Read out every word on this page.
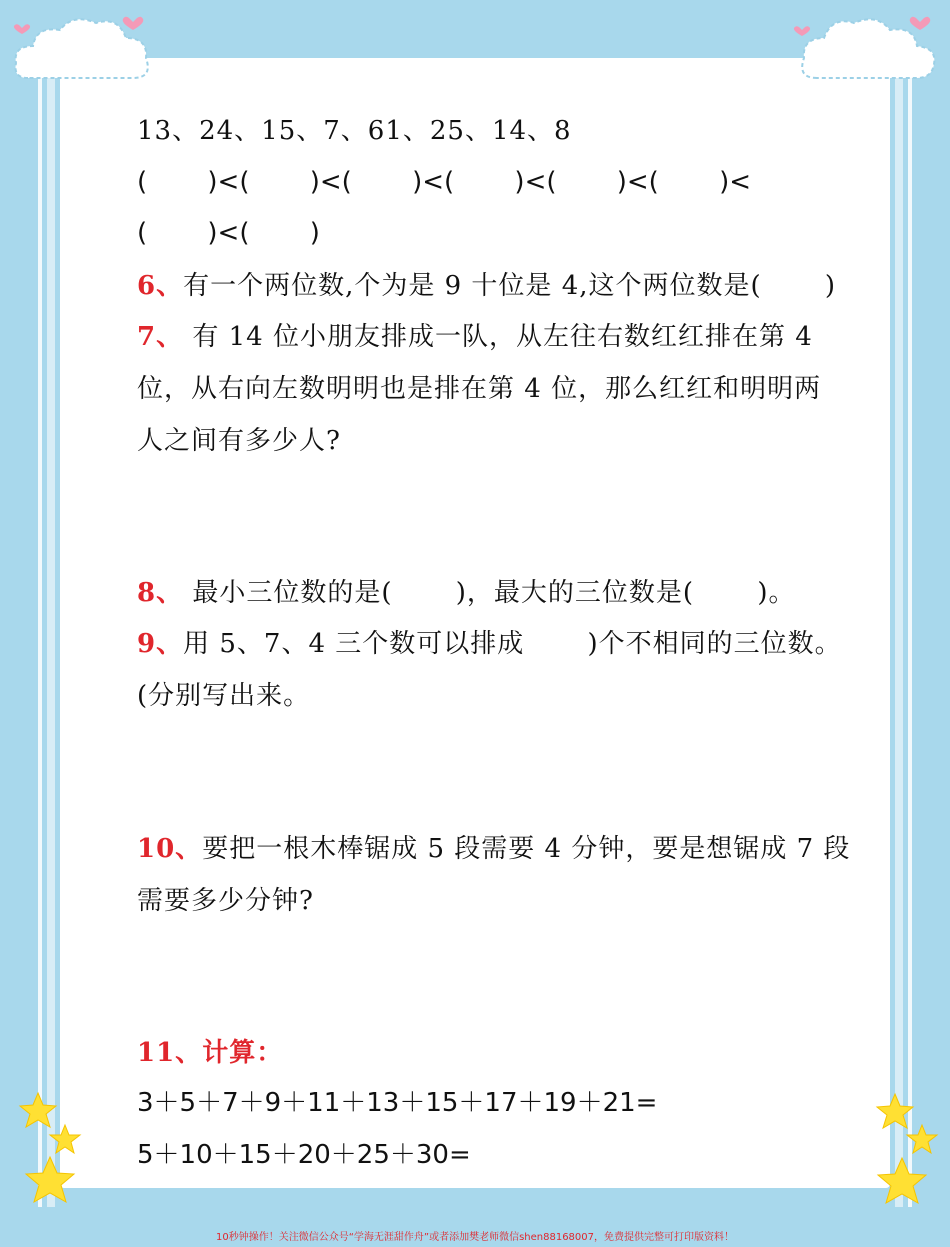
13、24、15、7、61、25、14、8
(　　 )<(　　 )<(　　 )<(　　 )<(　　 )<(　　 )<
(　　 )<(　　 )
6、有一个两位数,个为是 9 十位是 4,这个两位数是(　　 )
7、 有 14 位小朋友排成一队，从左往右数红红排在第 4
位，从右向左数明明也是排在第 4 位，那么红红和明明两
人之间有多少人?
8、 最小三位数的是(　　 )，最大的三位数是(　　 )。
9、用 5、7、4 三个数可以排成　　 )个不相同的三位数。
(分别写出来。
10、要把一根木棒锯成 5 段需要 4 分钟，要是想锯成 7 段
需要多少分钟?
11、计算：
3＋5＋7＋9＋11＋13＋15＋17＋19＋21=
5＋10＋15＋20＋25＋30=
10秒钟操作！关注微信公众号“学海无涯甜作舟”或者添加樊老师微信shen88168007，免费提供完整可打印版资料！
